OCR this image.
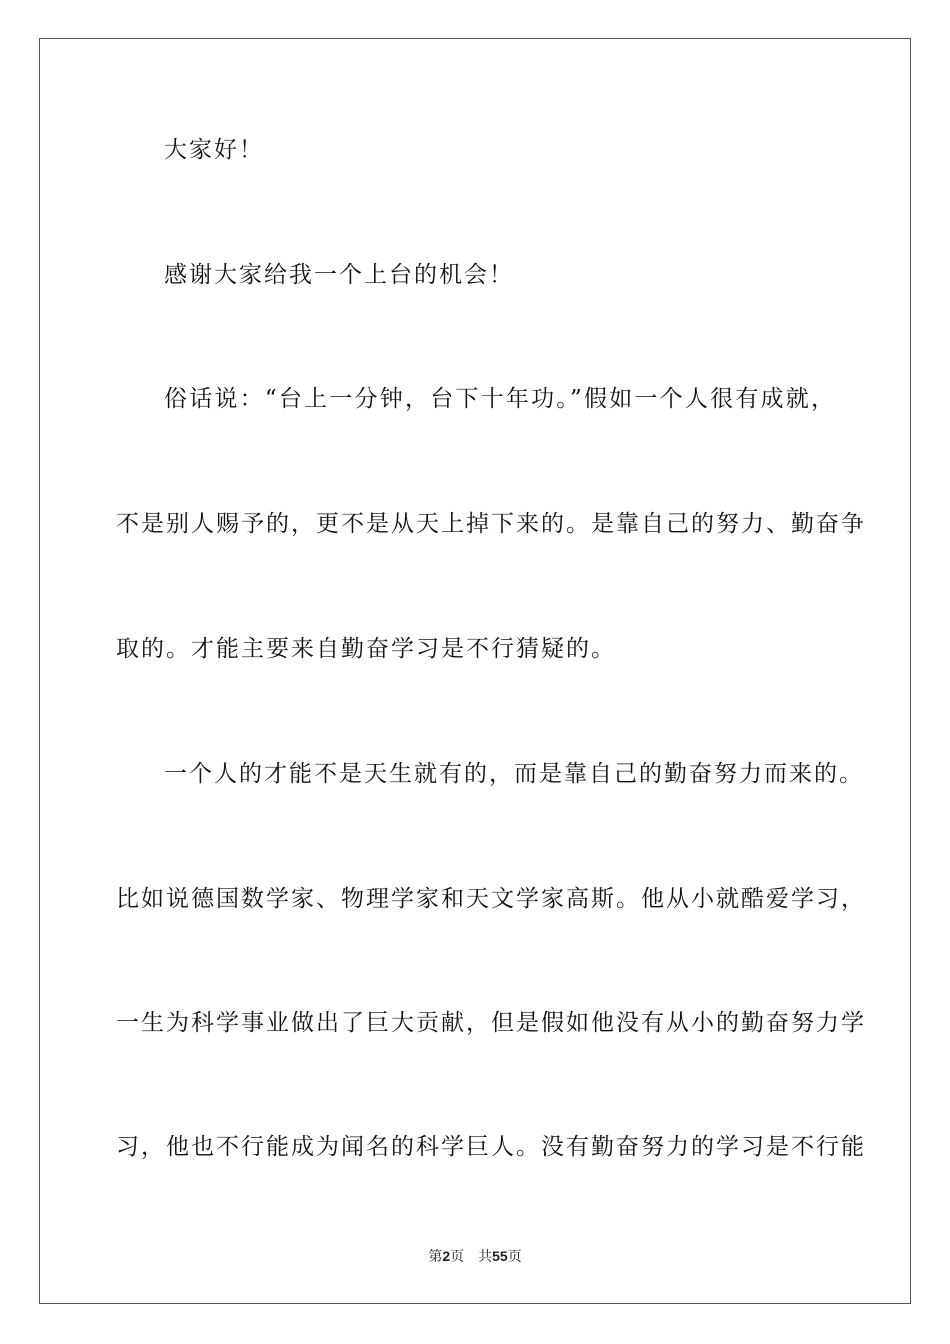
大家好！
感谢大家给我一个上台的机会！
俗话说：“台上一分钟，台下十年功。”假如一个人很有成就，
不是别人赐予的，更不是从天上掉下来的。是靠自己的努力、勤奋争
取的。才能主要来自勤奋学习是不行猜疑的。
一个人的才能不是天生就有的，而是靠自己的勤奋努力而来的。
比如说德国数学家、物理学家和天文学家高斯。他从小就酷爱学习，
一生为科学事业做出了巨大贡献，但是假如他没有从小的勤奋努力学
习，他也不行能成为闻名的科学巨人。没有勤奋努力的学习是不行能
第2页 共55页
